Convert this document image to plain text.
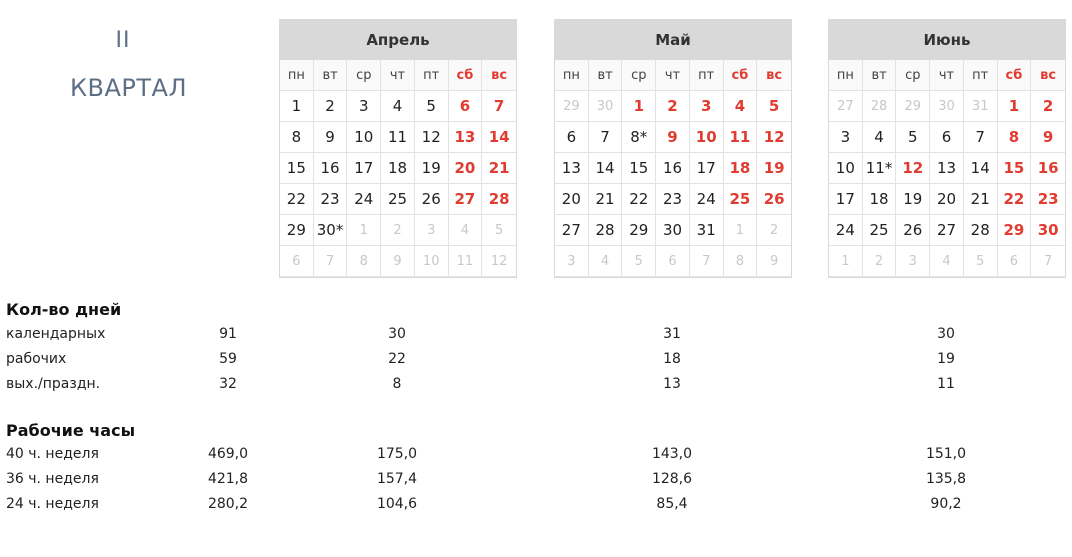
II
КВАРТАЛ
Апрель
пн	вт	ср	чт	пт	сб	вс
1	2	3	4	5	6	7
8	9	10 11 12 13 14
15 16 17 18 19 20 21
22 23 24 25 26 27 28
29 30*	1	2	3	4	5
6	7	8	9	10	11	12
Май
пн	вт	ср	чт	пт	сб	вс
29	30	1	2	3	4	5
6	7	8*	9	10 11 12
13 14 15 16 17 18 19
20 21 22 23 24 25 26
27 28 29 30 31	1	2
3	4	5	6	7	8	9
Июнь
пн	вт	ср	чт	пт	сб	вс
27	28	29	30	31	1	2
3	4	5	6	7	8	9
10 11* 12 13 14 15 16
17 18 19 20 21 22 23
24 25 26 27 28 29 30
1	2	3	4	5	6	7
Кол-во дней
календарных	91	30	31	30
рабочих	59	22	18	19
вых./праздн.	32	8	13	11
Рабочие часы
40 ч. неделя	469,0	175,0	143,0	151,0
36 ч. неделя	421,8	157,4	128,6	135,8
24 ч. неделя	280,2	104,6	85,4	90,2
